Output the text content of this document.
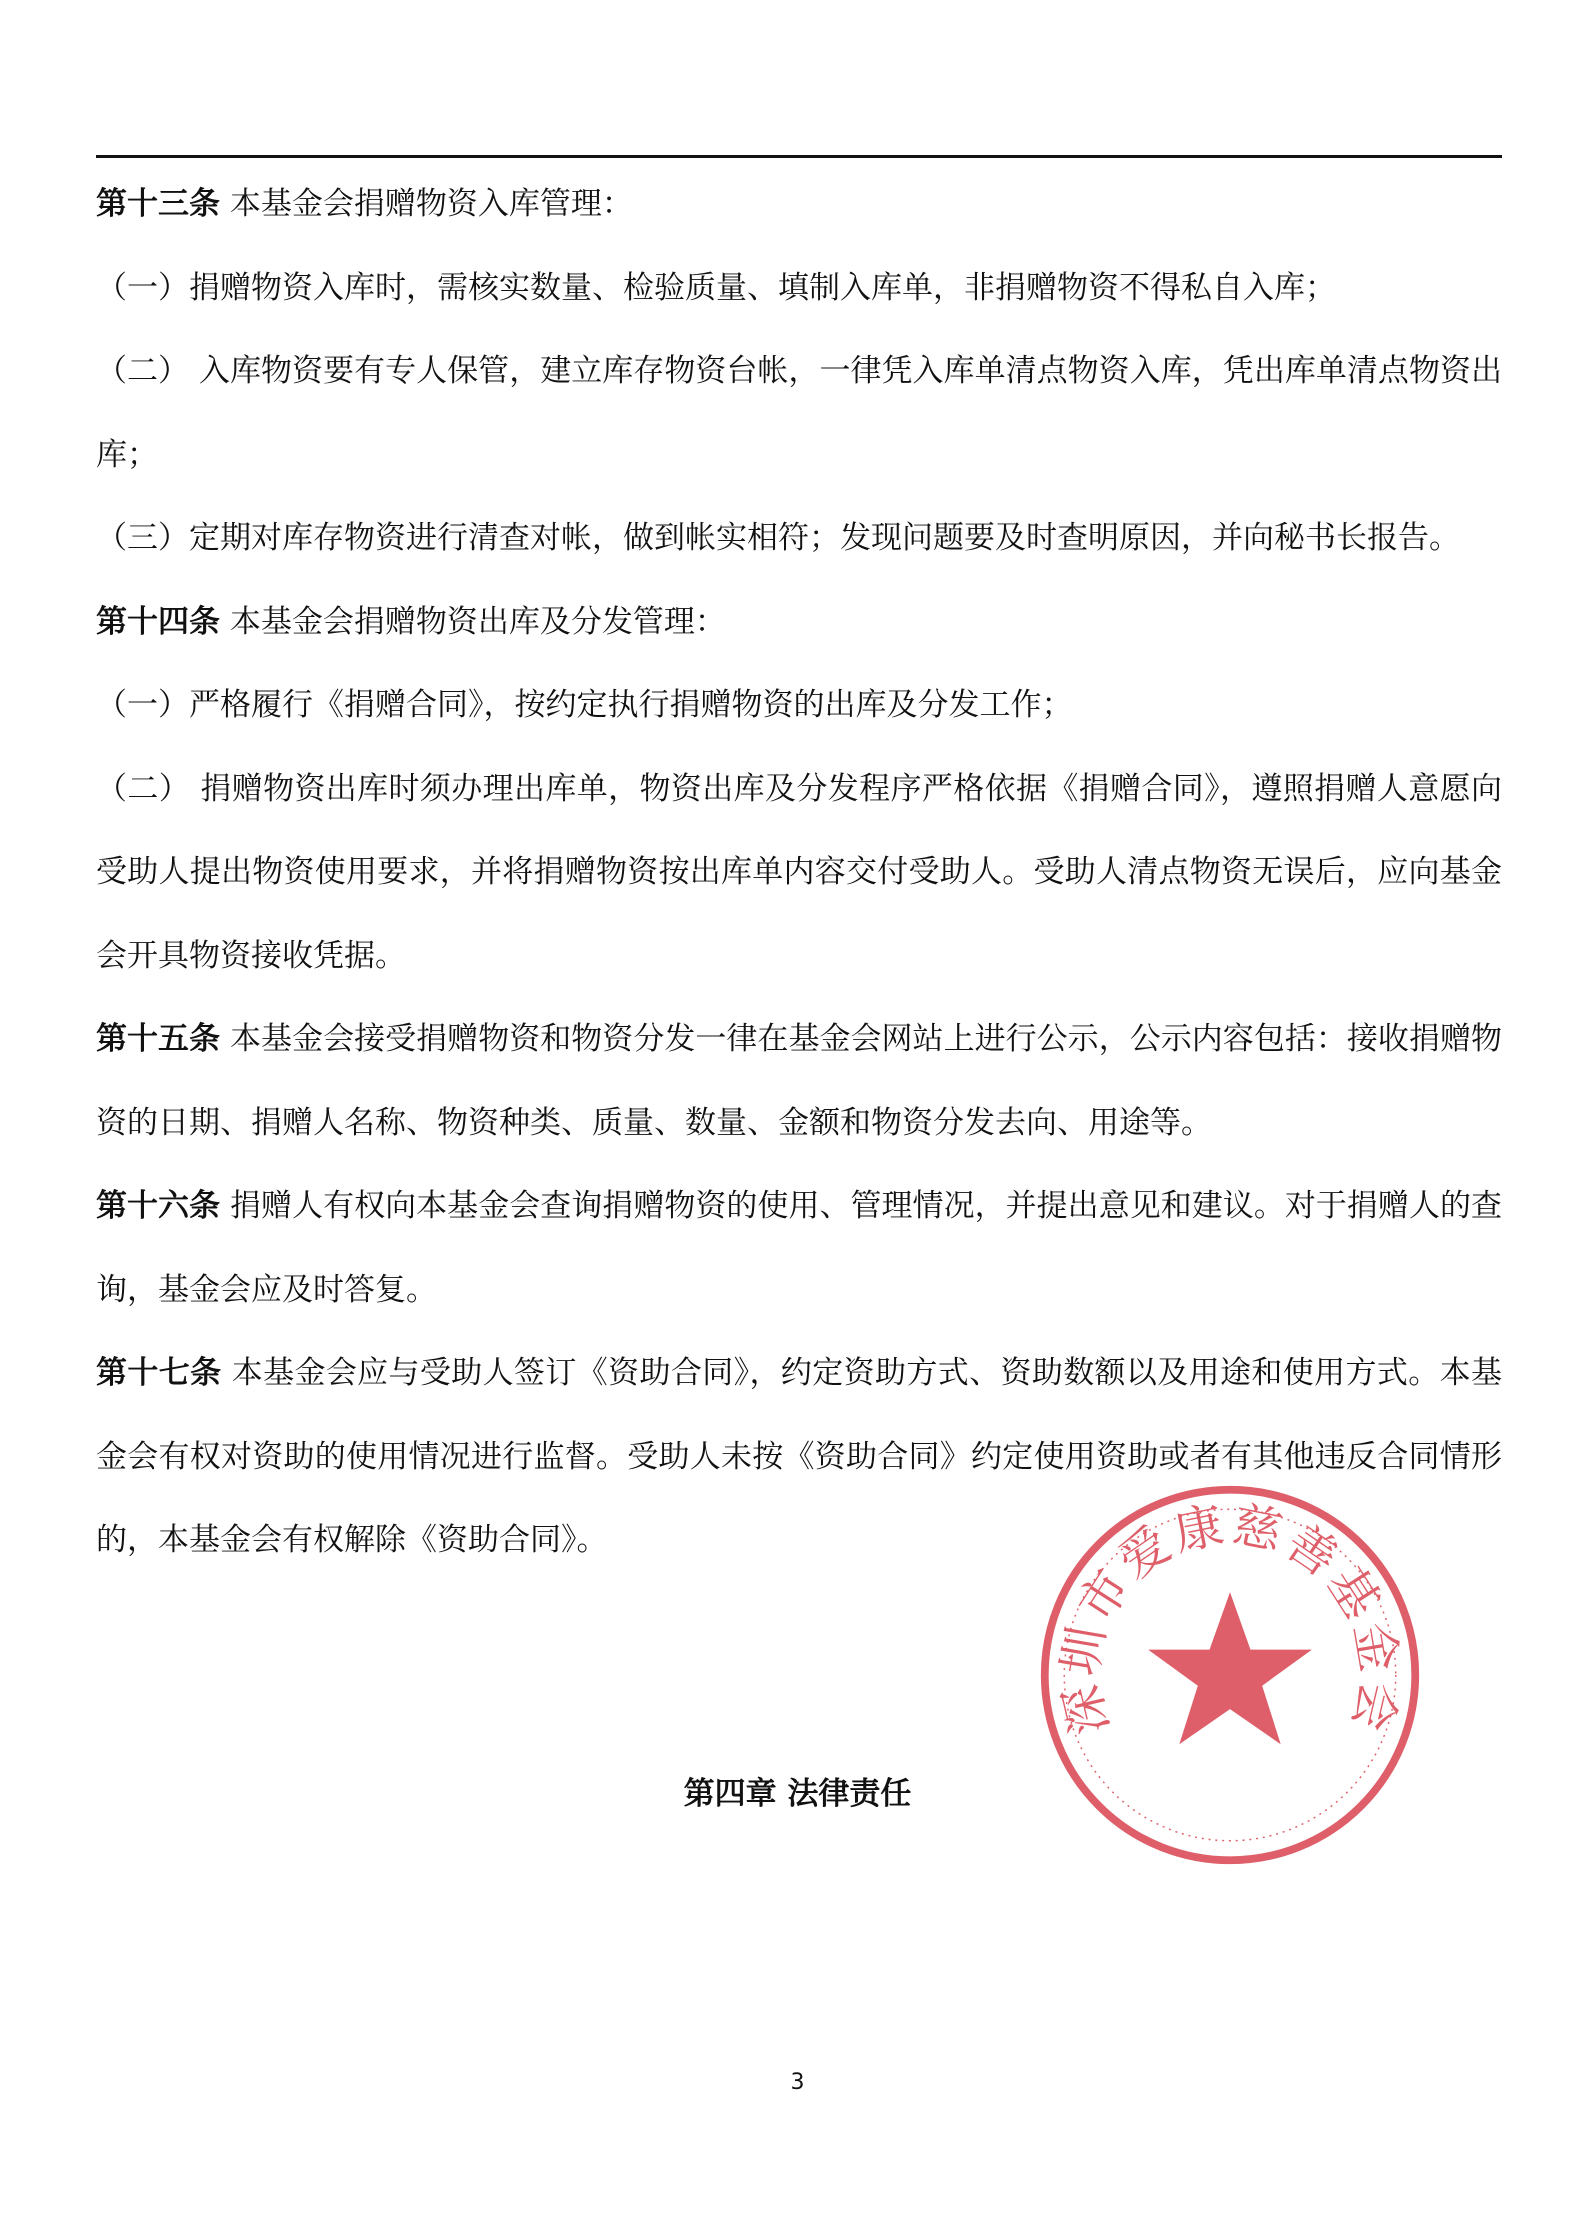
第十三条 本基金会捐赠物资入库管理：

（一）捐赠物资入库时，需核实数量、检验质量、填制入库单，非捐赠物资不得私自入库；

（二） 入库物资要有专人保管，建立库存物资台帐，一律凭入库单清点物资入库，凭出库单清点物资出库；

（三）定期对库存物资进行清查对帐，做到帐实相符；发现问题要及时查明原因，并向秘书长报告。

第十四条 本基金会捐赠物资出库及分发管理：

（一）严格履行《捐赠合同》，按约定执行捐赠物资的出库及分发工作；

（二） 捐赠物资出库时须办理出库单，物资出库及分发程序严格依据《捐赠合同》，遵照捐赠人意愿向受助人提出物资使用要求，并将捐赠物资按出库单内容交付受助人。受助人清点物资无误后，应向基金会开具物资接收凭据。

第十五条 本基金会接受捐赠物资和物资分发一律在基金会网站上进行公示，公示内容包括：接收捐赠物资的日期、捐赠人名称、物资种类、质量、数量、金额和物资分发去向、用途等。

第十六条 捐赠人有权向本基金会查询捐赠物资的使用、管理情况，并提出意见和建议。对于捐赠人的查询，基金会应及时答复。

第十七条 本基金会应与受助人签订《资助合同》，约定资助方式、资助数额以及用途和使用方式。本基金会有权对资助的使用情况进行监督。受助人未按《资助合同》约定使用资助或者有其他违反合同情形的，本基金会有权解除《资助合同》。

第四章 法律责任
深圳市爱康慈善基金会
3
